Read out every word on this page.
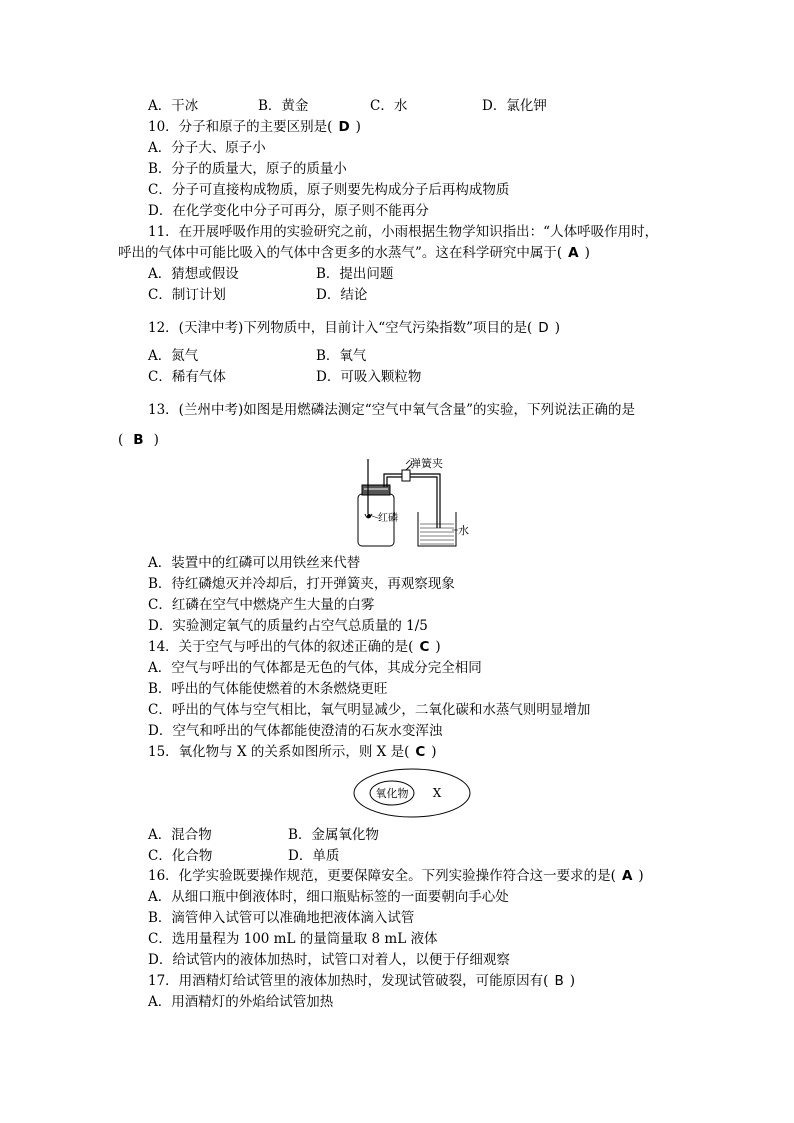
A．干冰	B．黄金	C．水	D．氯化钾
10．分子和原子的主要区别是( D )
A．分子大、原子小
B．分子的质量大，原子的质量小
C．分子可直接构成物质，原子则要先构成分子后再构成物质
D．在化学变化中分子可再分，原子则不能再分
11．在开展呼吸作用的实验研究之前，小雨根据生物学知识指出：“人体呼吸作用时，
呼出的气体中可能比吸入的气体中含更多的水蒸气”。这在科学研究中属于( A )
A．猜想或假设	B．提出问题
C．制订计划	D．结论
12．(天津中考)下列物质中，目前计入“空气污染指数”项目的是( D )
A．氮气	B．氧气
C．稀有气体	D．可吸入颗粒物
13．(兰州中考)如图是用燃磷法测定“空气中氧气含量”的实验，下列说法正确的是
( B )
弹簧夹
红磷
水
A．装置中的红磷可以用铁丝来代替
B．待红磷熄灭并冷却后，打开弹簧夹，再观察现象
C．红磷在空气中燃烧产生大量的白雾
D．实验测定氧气的质量约占空气总质量的 1/5
14．关于空气与呼出的气体的叙述正确的是( C )
A．空气与呼出的气体都是无色的气体，其成分完全相同
B．呼出的气体能使燃着的木条燃烧更旺
C．呼出的气体与空气相比，氧气明显减少，二氧化碳和水蒸气则明显增加
D．空气和呼出的气体都能使澄清的石灰水变浑浊
15．氧化物与 X 的关系如图所示，则 X 是( C )
氧化物 X
A．混合物	B．金属氧化物
C．化合物	D．单质
16．化学实验既要操作规范，更要保障安全。下列实验操作符合这一要求的是( A )
A．从细口瓶中倒液体时，细口瓶贴标签的一面要朝向手心处
B．滴管伸入试管可以准确地把液体滴入试管
C．选用量程为 100 mL 的量筒量取 8 mL 液体
D．给试管内的液体加热时，试管口对着人，以便于仔细观察
17．用酒精灯给试管里的液体加热时，发现试管破裂，可能原因有( B )
A．用酒精灯的外焰给试管加热
